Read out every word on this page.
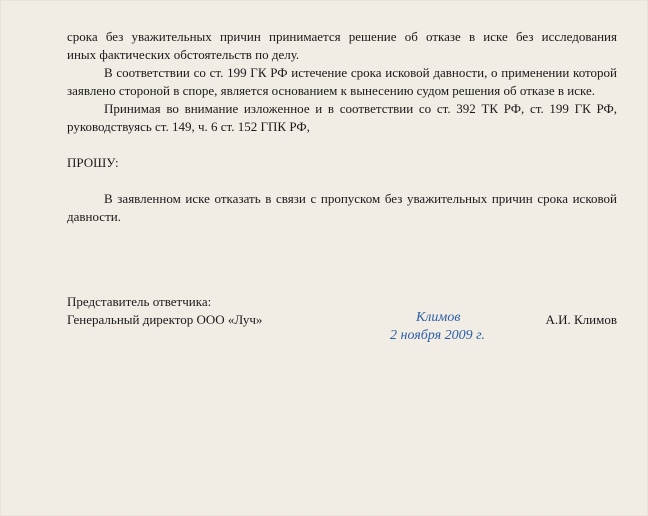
срока без уважительных причин принимается решение об отказе в иске без исследования

иных фактических обстоятельств по делу.

В соответствии со ст. 199 ГК РФ истечение срока исковой давности, о применении которой заявлено стороной в споре, является основанием к вынесению судом решения об отказе в иске.

Принимая во внимание изложенное и в соответствии со ст. 392 ТК РФ, ст. 199 ГК РФ, руководствуясь ст. 149, ч. 6 ст. 152 ГПК РФ,

ПРОШУ:

В заявленном иске отказать в связи с пропуском без уважительных причин срока исковой давности.

Представитель ответчика:
Генеральный директор ООО «Луч»	А.И. Климов
Климов
2 ноября 2009 г.
